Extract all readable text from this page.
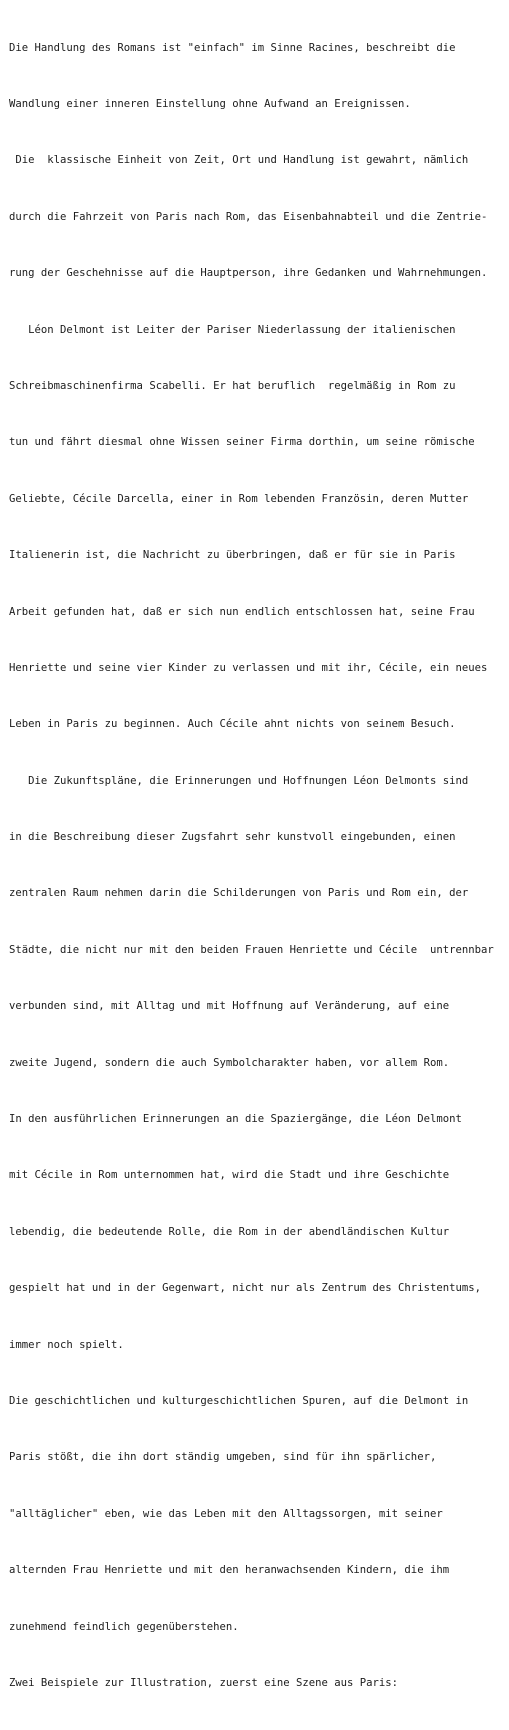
Die Handlung des Romans ist "einfach" im Sinne Racines, beschreibt die

Wandlung einer inneren Einstellung ohne Aufwand an Ereignissen.

Die  klassische Einheit von Zeit, Ort und Handlung ist gewahrt, nämlich

durch die Fahrzeit von Paris nach Rom, das Eisenbahnabteil und die Zentrie-

rung der Geschehnisse auf die Hauptperson, ihre Gedanken und Wahrnehmungen.

Léon Delmont ist Leiter der Pariser Niederlassung der italienischen

Schreibmaschinenfirma Scabelli. Er hat beruflich  regelmäßig in Rom zu

tun und fährt diesmal ohne Wissen seiner Firma dorthin, um seine römische

Geliebte, Cécile Darcella, einer in Rom lebenden Französin, deren Mutter

Italienerin ist, die Nachricht zu überbringen, daß er für sie in Paris

Arbeit gefunden hat, daß er sich nun endlich entschlossen hat, seine Frau

Henriette und seine vier Kinder zu verlassen und mit ihr, Cécile, ein neues

Leben in Paris zu beginnen. Auch Cécile ahnt nichts von seinem Besuch.

Die Zukunftspläne, die Erinnerungen und Hoffnungen Léon Delmonts sind

in die Beschreibung dieser Zugsfahrt sehr kunstvoll eingebunden, einen

zentralen Raum nehmen darin die Schilderungen von Paris und Rom ein, der

Städte, die nicht nur mit den beiden Frauen Henriette und Cécile  untrennbar

verbunden sind, mit Alltag und mit Hoffnung auf Veränderung, auf eine

zweite Jugend, sondern die auch Symbolcharakter haben, vor allem Rom.

In den ausführlichen Erinnerungen an die Spaziergänge, die Léon Delmont

mit Cécile in Rom unternommen hat, wird die Stadt und ihre Geschichte

lebendig, die bedeutende Rolle, die Rom in der abendländischen Kultur

gespielt hat und in der Gegenwart, nicht nur als Zentrum des Christentums,

immer noch spielt.

Die geschichtlichen und kulturgeschichtlichen Spuren, auf die Delmont in

Paris stößt, die ihn dort ständig umgeben, sind für ihn spärlicher,

"alltäglicher" eben, wie das Leben mit den Alltagssorgen, mit seiner

alternden Frau Henriette und mit den heranwachsenden Kindern, die ihm

zunehmend feindlich gegenüberstehen.

Zwei Beispiele zur Illustration, zuerst eine Szene aus Paris:
